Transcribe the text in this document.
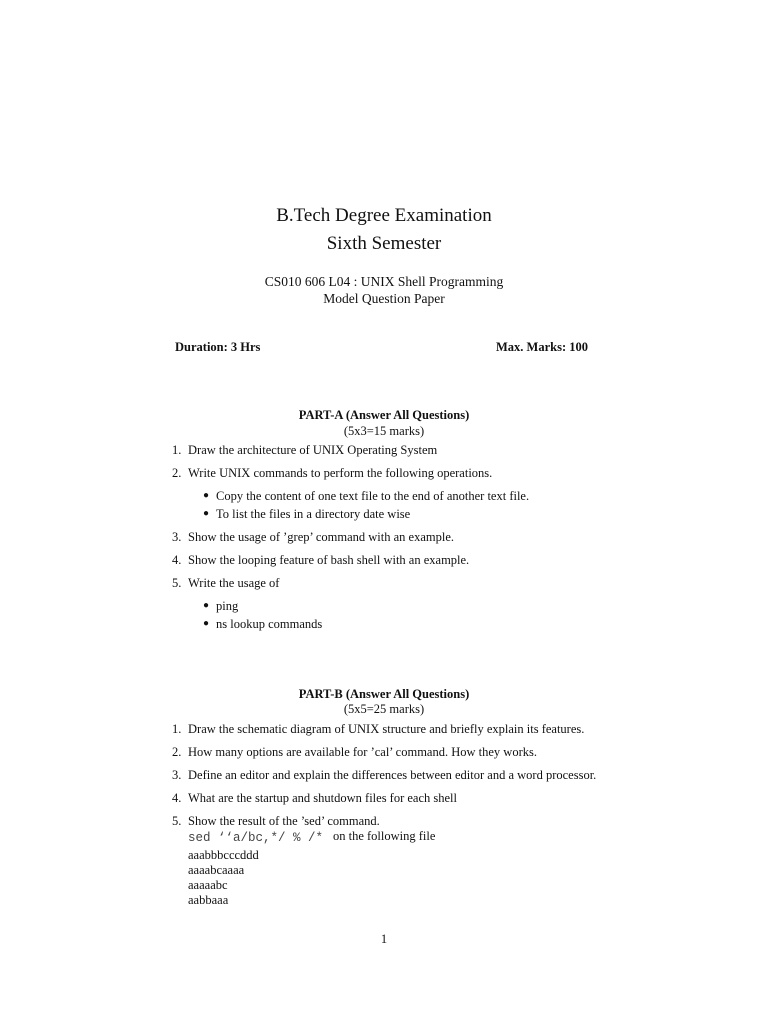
B.Tech Degree Examination
Sixth Semester
CS010 606 L04 : UNIX Shell Programming
Model Question Paper
Duration: 3 Hrs	Max. Marks: 100
PART-A (Answer All Questions)
(5x3=15 marks)
1. Draw the architecture of UNIX Operating System
2. Write UNIX commands to perform the following operations.
● Copy the content of one text file to the end of another text file.
● To list the files in a directory date wise
3. Show the usage of ’grep’ command with an example.
4. Show the looping feature of bash shell with an example.
5. Write the usage of
● ping
● ns lookup commands
PART-B (Answer All Questions)
(5x5=25 marks)
1. Draw the schematic diagram of UNIX structure and briefly explain its features.
2. How many options are available for ’cal’ command. How they works.
3. Define an editor and explain the differences between editor and a word processor.
4. What are the startup and shutdown files for each shell
5. Show the result of the ’sed’ command.
sed ‘‘a/bc,*/ % /* on the following file
aaabbbcccddd
aaaabcaaaa
aaaaabc
aabbaaa
1
